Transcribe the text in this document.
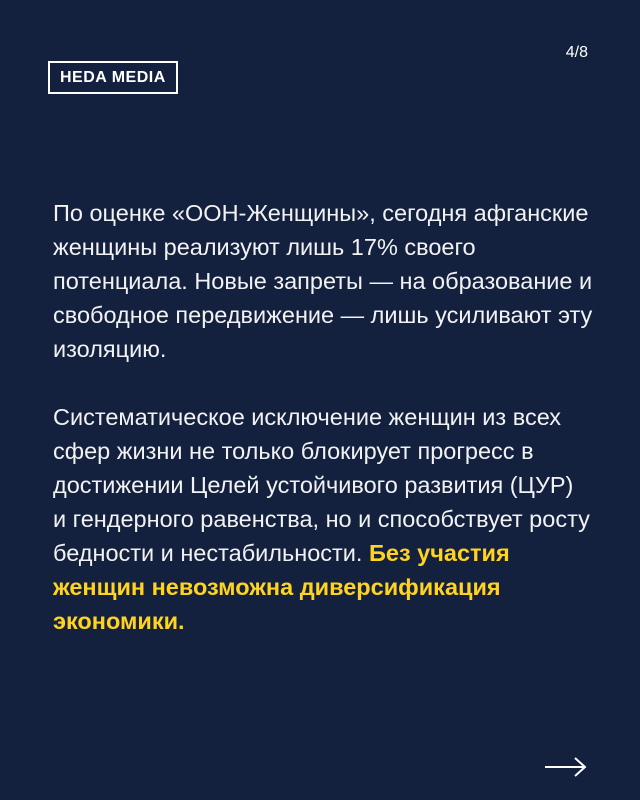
HEDA MEDIA
4/8

По оценке «ООН-Женщины», сегодня афганские женщины реализуют лишь 17% своего потенциала. Новые запреты — на образование и свободное передвижение — лишь усиливают эту изоляцию.

Систематическое исключение женщин из всех сфер жизни не только блокирует прогресс в достижении Целей устойчивого развития (ЦУР) и гендерного равенства, но и способствует росту бедности и нестабильности. Без участия женщин невозможна диверсификация экономики.
